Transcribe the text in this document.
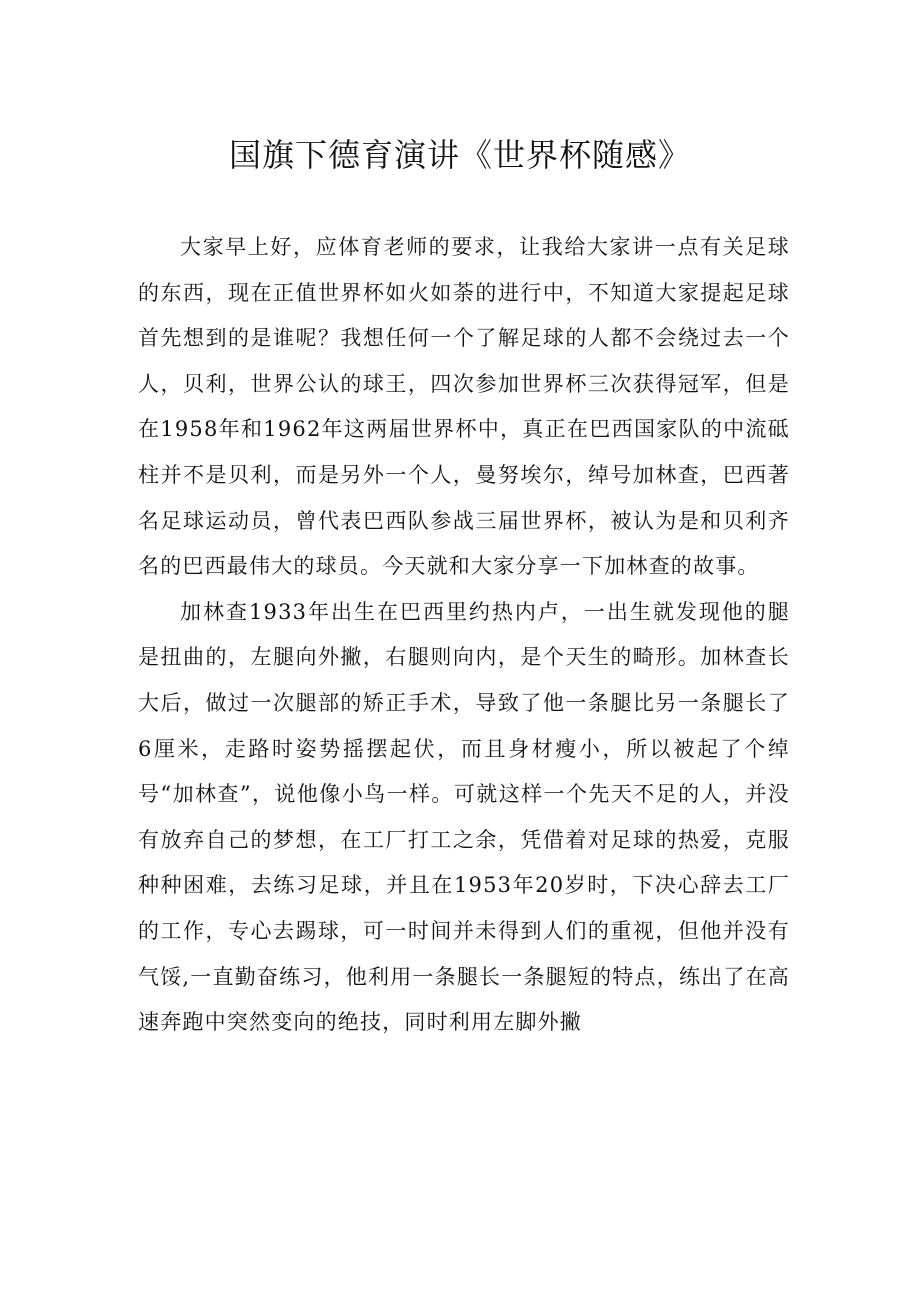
国旗下德育演讲《世界杯随感》

大家早上好，应体育老师的要求，让我给大家讲一点有关足球的东西，现在正值世界杯如火如荼的进行中，不知道大家提起足球首先想到的是谁呢？我想任何一个了解足球的人都不会绕过去一个人，贝利，世界公认的球王，四次参加世界杯三次获得冠军，但是在1958年和1962年这两届世界杯中，真正在巴西国家队的中流砥柱并不是贝利，而是另外一个人，曼努埃尔，绰号加林查，巴西著名足球运动员，曾代表巴西队参战三届世界杯，被认为是和贝利齐名的巴西最伟大的球员。今天就和大家分享一下加林查的故事。

加林查1933年出生在巴西里约热内卢，一出生就发现他的腿是扭曲的，左腿向外撇，右腿则向内，是个天生的畸形。加林查长大后，做过一次腿部的矫正手术，导致了他一条腿比另一条腿长了6厘米，走路时姿势摇摆起伏，而且身材瘦小，所以被起了个绰号“加林查”，说他像小鸟一样。可就这样一个先天不足的人，并没有放弃自己的梦想，在工厂打工之余，凭借着对足球的热爱，克服种种困难，去练习足球，并且在1953年20岁时，下决心辞去工厂的工作，专心去踢球，可一时间并未得到人们的重视，但他并没有气馁,一直勤奋练习，他利用一条腿长一条腿短的特点，练出了在高速奔跑中突然变向的绝技，同时利用左脚外撇
